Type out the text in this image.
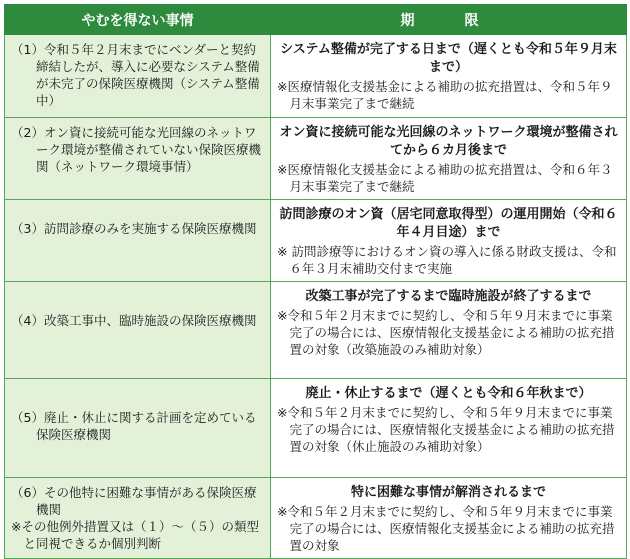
やむを得ない事情	期　限

（1）令和５年２月末までにベンダーと契約締結したが、導入に必要なシステム整備が未完了の保険医療機関（システム整備中）	システム整備が完了する日まで（遅くとも令和５年９月末まで）
※医療情報化支援基金による補助の拡充措置は、令和５年９月末事業完了まで継続

（2）オン資に接続可能な光回線のネットワーク環境が整備されていない保険医療機関（ネットワーク環境事情）	オン資に接続可能な光回線のネットワーク環境が整備されてから６カ月後まで
※医療情報化支援基金による補助の拡充措置は、令和６年３月末事業完了まで継続

（3）訪問診療のみを実施する保険医療機関	訪問診療のオン資（居宅同意取得型）の運用開始（令和６年４月目途）まで
※ 訪問診療等におけるオン資の導入に係る財政支援は、令和６年３月末補助交付まで実施

（4）改築工事中、臨時施設の保険医療機関	改築工事が完了するまで臨時施設が終了するまで
※令和５年２月末までに契約し、令和５年９月末までに事業完了の場合には、医療情報化支援基金による補助の拡充措置の対象（改築施設のみ補助対象）

（5）廃止・休止に関する計画を定めている保険医療機関	廃止・休止するまで（遅くとも令和６年秋まで）
※令和５年２月末までに契約し、令和５年９月末までに事業完了の場合には、医療情報化支援基金による補助の拡充措置の対象（休止施設のみ補助対象）

（6）その他特に困難な事情がある保険医療機関
※その他例外措置又は（１）～（５）の類型と同視できるか個別判断	特に困難な事情が解消されるまで
※令和５年２月末までに契約し、令和５年９月末までに事業完了の場合には、医療情報化支援基金による補助の拡充措置の対象
